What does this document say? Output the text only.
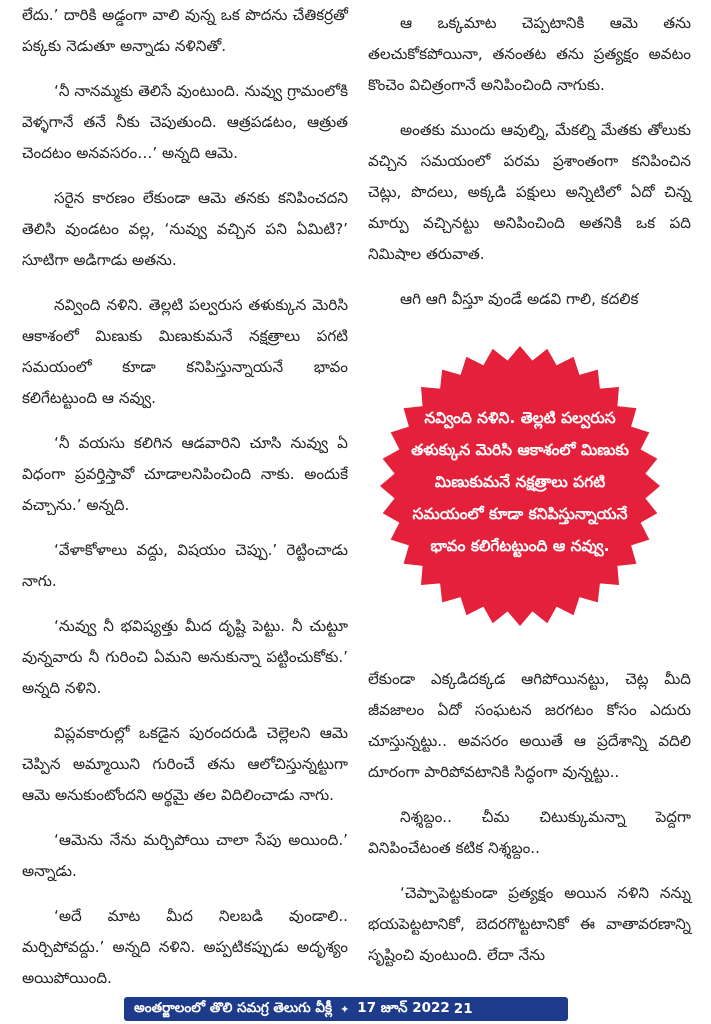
లేదు.’ దారికి అడ్డంగా వాలి వున్న ఒక పొదను చేతికర్రతో పక్కకు నెడుతూ అన్నాడు నళినితో.

‘నీ నానమ్మకు తెలిసే వుంటుంది. నువ్వు గ్రామంలోకి వెళ్ళగానే తనే నీకు చెపుతుంది. ఆత్రపడటం, ఆత్రుత చెందటం అనవసరం…’ అన్నది ఆమె.

సరైన కారణం లేకుండా ఆమె తనకు కనిపించదని తెలిసి వుండటం వల్ల, ‘నువ్వు వచ్చిన పని ఏమిటి?’ సూటిగా అడిగాడు అతను.

నవ్వింది నళిని. తెల్లటి పల్వరుస తళుక్కున మెరిసి ఆకాశంలో మిణుకు మిణుకుమనే నక్షత్రాలు పగటి సమయంలో కూడా కనిపిస్తున్నాయనే భావం కలిగేటట్టుంది ఆ నవ్వు.

‘నీ వయసు కలిగిన ఆడవారిని చూసి నువ్వు ఏ విధంగా ప్రవర్తిస్తావో చూడాలనిపించింది నాకు. అందుకే వచ్చాను.’ అన్నది.

‘వేళాకోళాలు వద్దు, విషయం చెప్పు.’ రెట్టించాడు నాగు.

‘నువ్వు నీ భవిష్యత్తు మీద దృష్టి పెట్టు. నీ చుట్టూ వున్నవారు నీ గురించి ఏమని అనుకున్నా పట్టించుకోకు.’ అన్నది నళిని.

విప్లవకారుల్లో ఒకడైన పురందరుడి చెల్లెలని ఆమె చెప్పిన అమ్మాయిని గురించే తను ఆలోచిస్తున్నట్టుగా ఆమె అనుకుంటోందని అర్థమై తల విదిలించాడు నాగు.

‘ఆమెను నేను మర్చిపోయి చాలా సేపు అయింది.’ అన్నాడు.

‘అదే మాట మీద నిలబడి వుండాలి.. మర్చిపోవద్దు.’ అన్నది నళిని. అప్పటికప్పుడు అదృశ్యం అయిపోయింది.

ఆ ఒక్కమాట చెప్పటానికి ఆమె తను తలచుకోకపోయినా, తనంతట తను ప్రత్యక్షం అవటం కొంచెం విచిత్రంగానే అనిపించింది నాగుకు.

అంతకు ముందు ఆవుల్ని, మేకల్ని మేతకు తోలుకు వచ్చిన సమయంలో పరమ ప్రశాంతంగా కనిపించిన చెట్లు, పొదలు, అక్కడి పక్షులు అన్నిటిలో ఏదో చిన్న మార్పు వచ్చినట్టు అనిపించింది అతనికి ఒక పది నిమిషాల తరువాత.

ఆగి ఆగి వీస్తూ వుండే అడవి గాలి, కదలిక

నవ్వింది నళిని. తెల్లటి పల్వరుస తళుక్కున మెరిసి ఆకాశంలో మిణుకు మిణుకుమనే నక్షత్రాలు పగటి సమయంలో కూడా కనిపిస్తున్నాయనే భావం కలిగేటట్టుంది ఆ నవ్వు.

లేకుండా ఎక్కడిదక్కడ ఆగిపోయినట్టు, చెట్ల మీది జీవజాలం ఏదో సంఘటన జరగటం కోసం ఎదురు చూస్తున్నట్టు.. అవసరం అయితే ఆ ప్రదేశాన్ని వదిలి దూరంగా పారిపోవటానికి సిద్ధంగా వున్నట్టు..

నిశ్శబ్దం.. చీమ చిటుక్కుమన్నా పెద్దగా వినిపించేటంత కటిక నిశ్శబ్దం..

‘చెప్పాపెట్టకుండా ప్రత్యక్షం అయిన నళిని నన్ను భయపెట్టటానికో, బెదరగొట్టటానికో ఈ వాతావరణాన్ని సృష్టించి వుంటుంది. లేదా నేను

అంతర్జాలంలో తొలి సమగ్ర తెలుగు వీక్లీ ✦ 17 జూన్ 2022 21
